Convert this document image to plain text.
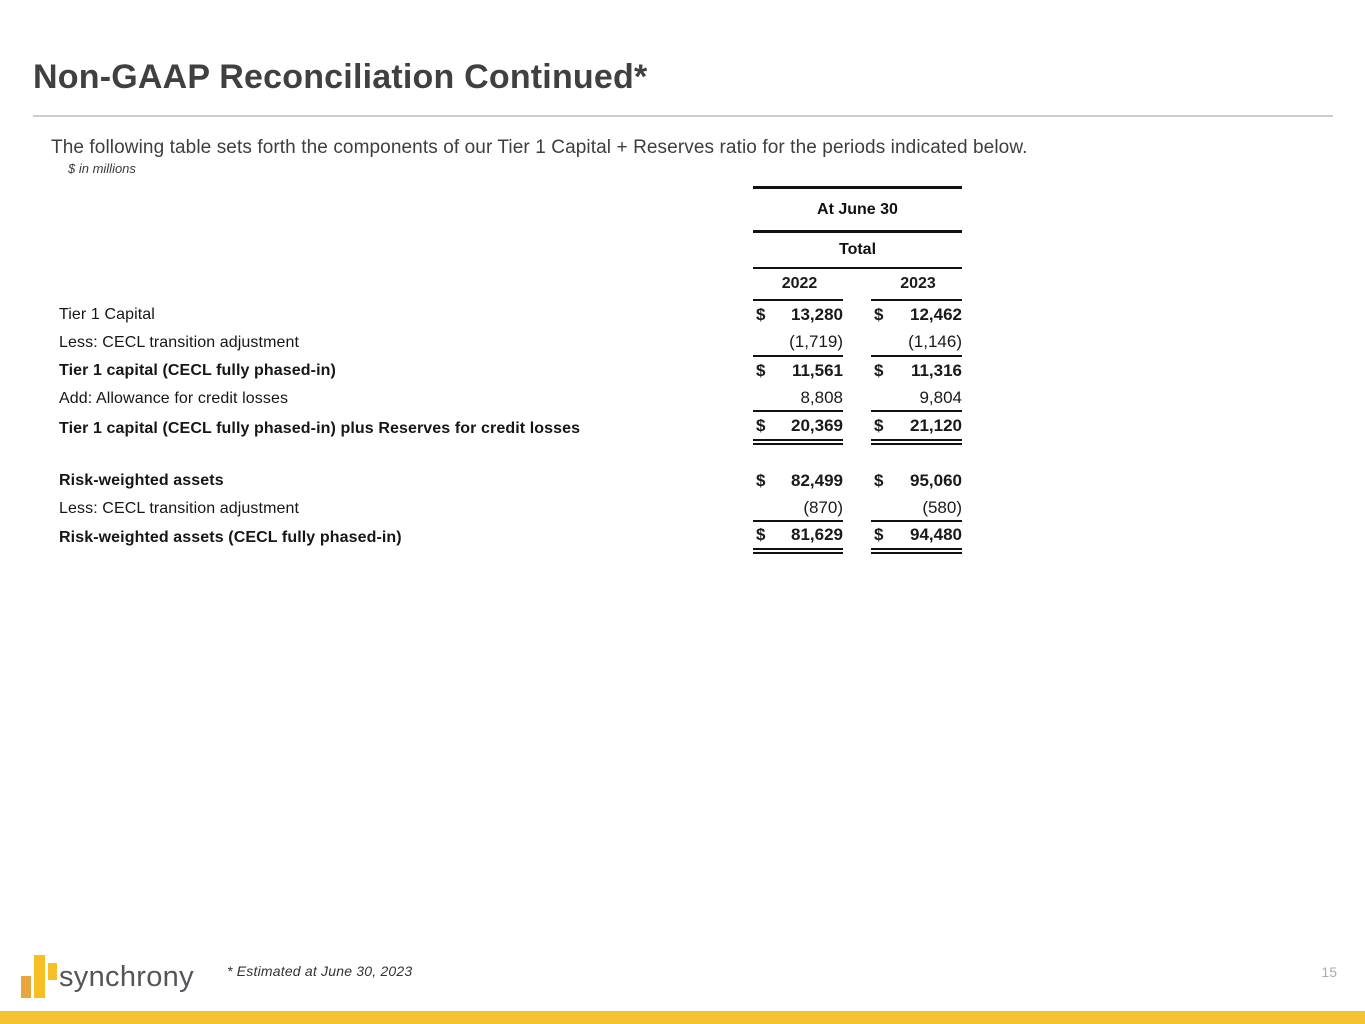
Non-GAAP Reconciliation Continued*

The following table sets forth the components of our Tier 1 Capital + Reserves ratio for the periods indicated below.

$ in millions

At June 30
Total
2022	2023
Tier 1 Capital	$ 13,280 $ 12,462
Less: CECL transition adjustment	(1,719)	(1,146)
Tier 1 capital (CECL fully phased-in)	$ 11,561 $ 11,316
Add: Allowance for credit losses	8,808	9,804
Tier 1 capital (CECL fully phased-in) plus Reserves for credit losses	$ 20,369 $ 21,120
Risk-weighted assets	$ 82,499 $ 95,060
Less: CECL transition adjustment	(870)	(580)
Risk-weighted assets (CECL fully phased-in)	$ 81,629 $ 94,480
synchrony * Estimated at June 30, 2023	15
